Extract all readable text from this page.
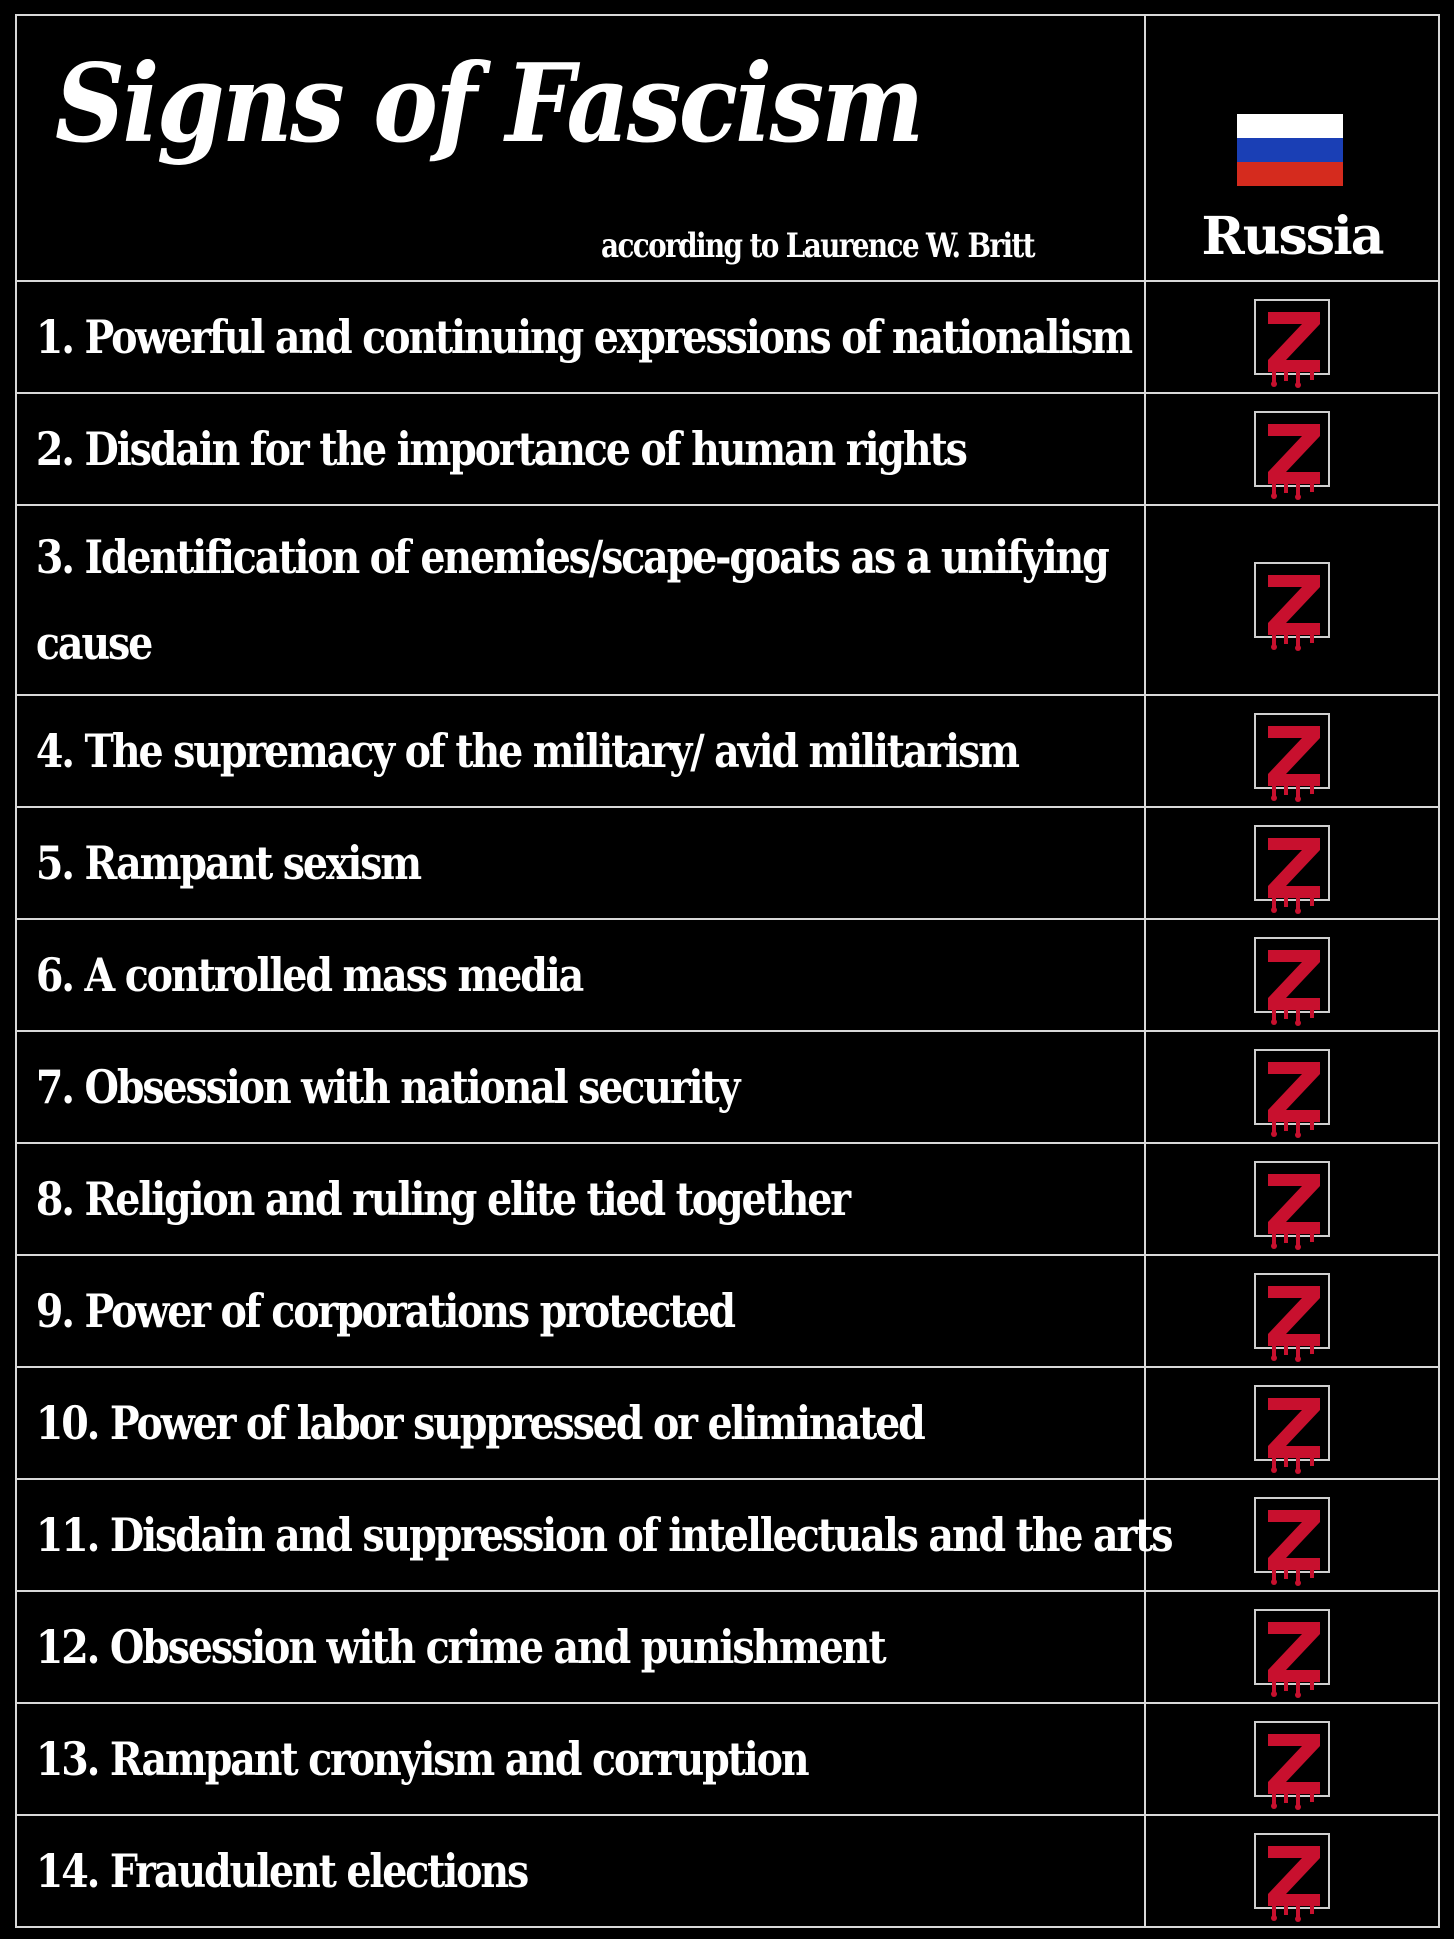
Signs of Fascism
according to Laurence W. Britt	Russia

1. Powerful and continuing expressions of nationalism

2. Disdain for the importance of human rights

3. Identification of enemies/scape-goats as a unifying cause

4. The supremacy of the military/ avid militarism

5. Rampant sexism

6. A controlled mass media

7. Obsession with national security

8. Religion and ruling elite tied together

9. Power of corporations protected

10. Power of labor suppressed or eliminated

11. Disdain and suppression of intellectuals and the arts

12. Obsession with crime and punishment

13. Rampant cronyism and corruption

14. Fraudulent elections
